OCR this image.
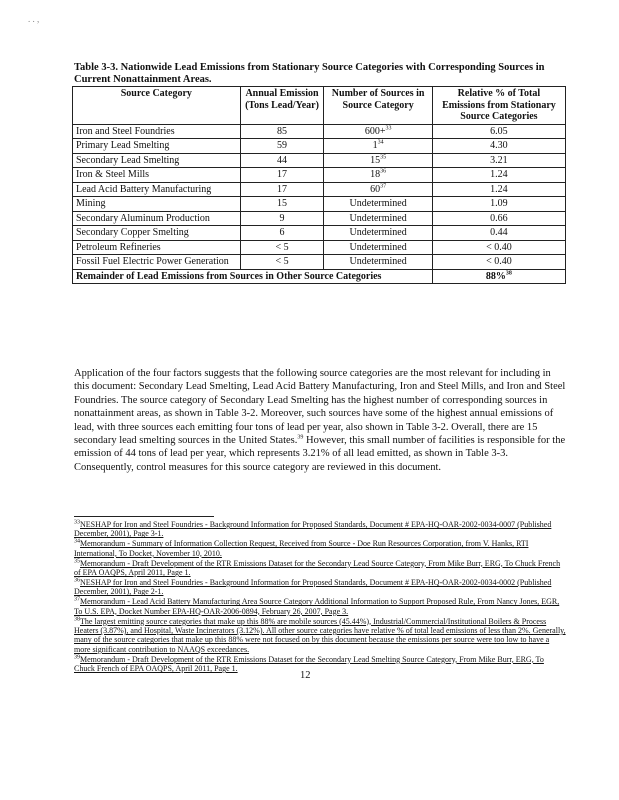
. . ,
Table 3-3. Nationwide Lead Emissions from Stationary Source Categories with Corresponding Sources in Current Nonattainment Areas.
Source Category	Annual Emission (Tons Lead/Year)	Number of Sources in Source Category	Relative % of Total Emissions from Stationary Source Categories
Iron and Steel Foundries	85	600+$^{33}$	6.05
Primary Lead Smelting	59	$1^{34}$	4.30
Secondary Lead Smelting	44	$15^{35}$	3.21
Iron & Steel Mills	17	$18^{36}$	1.24
Lead Acid Battery Manufacturing	17	$60^{37}$	1.24
Mining	15	Undetermined	1.09
Secondary Aluminum Production	9	Undetermined	0.66
Secondary Copper Smelting	6	Undetermined	0.44
Petroleum Refineries	< 5	Undetermined	< 0.40
Fossil Fuel Electric Power Generation	< 5	Undetermined	< 0.40
Remainder of Lead Emissions from Sources in Other Source Categories			88%$^{38}$

Application of the four factors suggests that the following source categories are the most relevant for including in this document: Secondary Lead Smelting, Lead Acid Battery Manufacturing, Iron and Steel Mills, and Iron and Steel Foundries. The source category of Secondary Lead Smelting has the highest number of corresponding sources in nonattainment areas, as shown in Table 3-2. Moreover, such sources have some of the highest annual emissions of lead, with three sources each emitting four tons of lead per year, also shown in Table 3-2. Overall, there are 15 secondary lead smelting sources in the United States.$^{39}$ However, this small number of facilities is responsible for the emission of 44 tons of lead per year, which represents 3.21% of all lead emitted, as shown in Table 3-3. Consequently, control measures for this source category are reviewed in this document.

$^{33}$NESHAP for Iron and Steel Foundries - Background Information for Proposed Standards, Document # EPA-HQ-OAR-2002-0034-0007 (Published December, 2001), Page 3-1.
$^{34}$Memorandum - Summary of Information Collection Request, Received from Source - Doe Run Resources Corporation, from V. Hanks, RTI International, To Docket, November 10, 2010.
$^{35}$Memorandum - Draft Development of the RTR Emissions Dataset for the Secondary Lead Source Category, From Mike Burr, ERG, To Chuck French of EPA OAQPS, April 2011, Page 1.
$^{36}$NESHAP for Iron and Steel Foundries - Background Information for Proposed Standards, Document # EPA-HQ-OAR-2002-0034-0002 (Published December, 2001), Page 2-1.
$^{37}$Memorandum - Lead Acid Battery Manufacturing Area Source Category Additional Information to Support Proposed Rule, From Nancy Jones, EGR, To U.S. EPA, Docket Number EPA-HQ-OAR-2006-0894, February 26, 2007, Page 3.
$^{38}$The largest emitting source categories that make up this 88% are mobile sources (45.44%), Industrial/Commercial/Institutional Boilers & Process Heaters (3.87%), and Hospital, Waste Incinerators (3.12%). All other source categories have relative % of total lead emissions of less than 2%. Generally, many of the source categories that make up this 88% were not focused on by this document because the emissions per source were too low to have a more significant contribution to NAAQS exceedances.
$^{39}$Memorandum - Draft Development of the RTR Emissions Dataset for the Secondary Lead Smelting Source Category, From Mike Burr, ERG, To Chuck French of EPA OAQPS, April 2011, Page 1.
12
